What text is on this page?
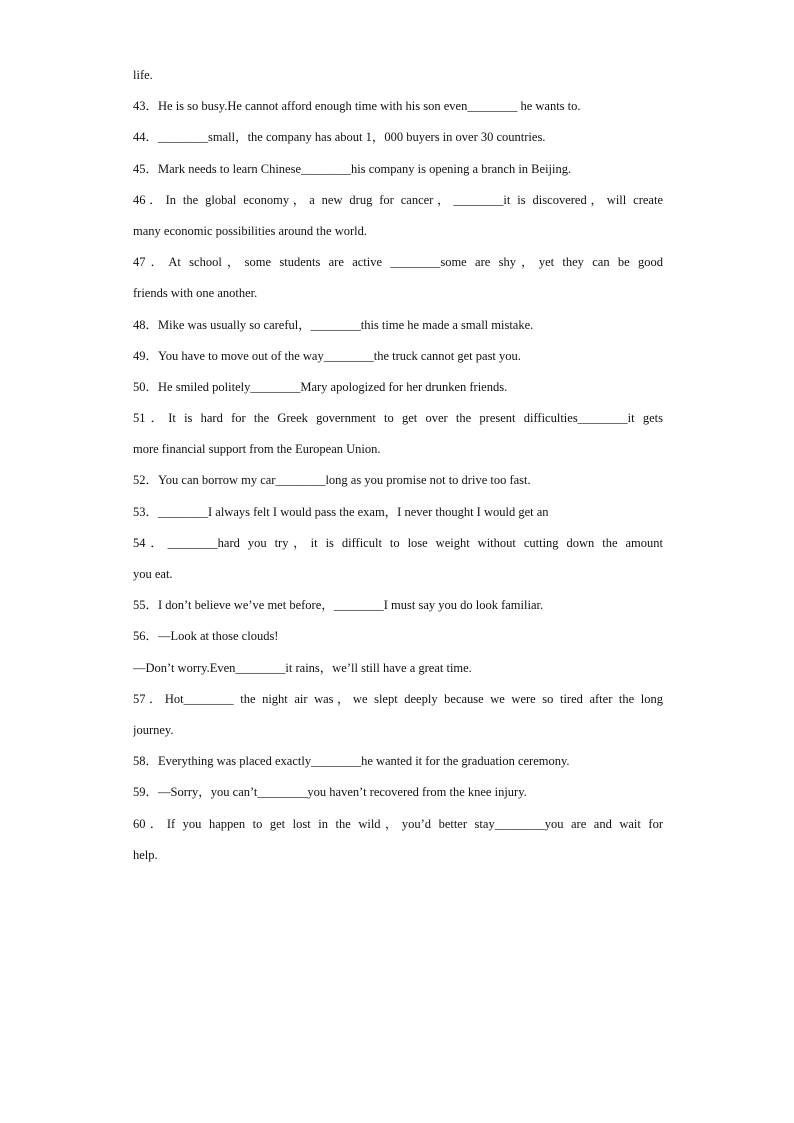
life.
43．He is so busy.He cannot afford enough time with his son even________ he wants to.
44．________small，the company has about 1，000 buyers in over 30 countries.
45．Mark needs to learn Chinese________his company is opening a branch in Beijing.
46．In the global economy，a new drug for cancer，________it is discovered，will create
many economic possibilities around the world.
47．At school，some students are active ________some are shy，yet they can be good
friends with one another.
48．Mike was usually so careful，________this time he made a small mistake.
49．You have to move out of the way________the truck cannot get past you.
50．He smiled politely________Mary apologized for her drunken friends.
51．It is hard for the Greek government to get over the present difficulties________it gets
more financial support from the European Union.
52．You can borrow my car________long as you promise not to drive too fast.
53．________I always felt I would pass the exam，I never thought I would get an
54．________hard you try，it is difficult to lose weight without cutting down the amount
you eat.
55．I don’t believe we’ve met before，________I must say you do look familiar.
56．—Look at those clouds!
—Don’t worry.Even________it rains，we’ll still have a great time.
57．Hot________ the night air was，we slept deeply because we were so tired after the long
journey.
58．Everything was placed exactly________he wanted it for the graduation ceremony.
59．—Sorry，you can’t________you haven’t recovered from the knee injury.
60．If you happen to get lost in the wild，you’d better stay________you are and wait for
help.
